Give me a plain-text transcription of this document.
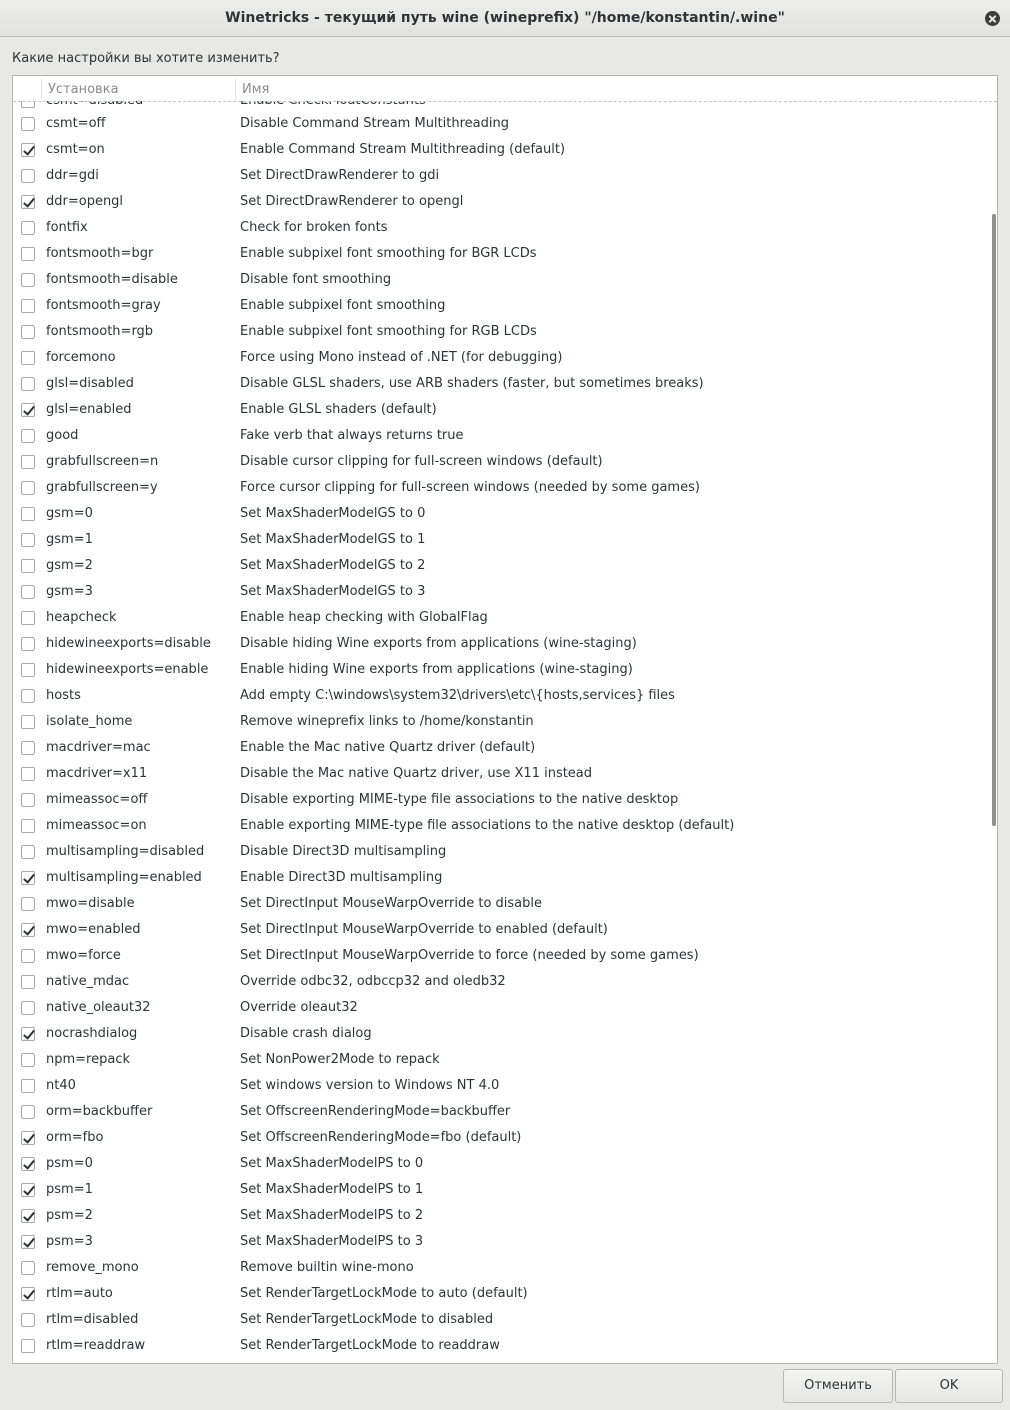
Winetricks - текущий путь wine (wineprefix) "/home/konstantin/.wine"
Какие настройки вы хотите изменить?
csmt=off	Disable Command Stream Multithreading
csmt=on	Enable Command Stream Multithreading (default)
ddr=gdi	Set DirectDrawRenderer to gdi
ddr=opengl	Set DirectDrawRenderer to opengl
fontfix	Check for broken fonts
fontsmooth=bgr	Enable subpixel font smoothing for BGR LCDs
fontsmooth=disable	Disable font smoothing
fontsmooth=gray	Enable subpixel font smoothing
fontsmooth=rgb	Enable subpixel font smoothing for RGB LCDs
forcemono	Force using Mono instead of .NET (for debugging)
glsl=disabled	Disable GLSL shaders, use ARB shaders (faster, but sometimes breaks)
glsl=enabled	Enable GLSL shaders (default)
good	Fake verb that always returns true
grabfullscreen=n	Disable cursor clipping for full-screen windows (default)
grabfullscreen=y	Force cursor clipping for full-screen windows (needed by some games)
gsm=0	Set MaxShaderModelGS to 0
gsm=1	Set MaxShaderModelGS to 1
gsm=2	Set MaxShaderModelGS to 2
gsm=3	Set MaxShaderModelGS to 3
heapcheck	Enable heap checking with GlobalFlag
hidewineexports=disable Disable hiding Wine exports from applications (wine-staging)
hidewineexports=enable Enable hiding Wine exports from applications (wine-staging)
hosts	Add empty C:\windows\system32\drivers\etc\{hosts,services} files
isolate_home	Remove wineprefix links to /home/konstantin
macdriver=mac	Enable the Mac native Quartz driver (default)
macdriver=x11	Disable the Mac native Quartz driver, use X11 instead
mimeassoc=off	Disable exporting MIME-type file associations to the native desktop
mimeassoc=on	Enable exporting MIME-type file associations to the native desktop (default)
multisampling=disabled	Disable Direct3D multisampling
multisampling=enabled	Enable Direct3D multisampling
mwo=disable	Set DirectInput MouseWarpOverride to disable
mwo=enabled	Set DirectInput MouseWarpOverride to enabled (default)
mwo=force	Set DirectInput MouseWarpOverride to force (needed by some games)
native_mdac	Override odbc32, odbccp32 and oledb32
native_oleaut32	Override oleaut32
nocrashdialog	Disable crash dialog
npm=repack	Set NonPower2Mode to repack
nt40	Set windows version to Windows NT 4.0
orm=backbuffer	Set OffscreenRenderingMode=backbuffer
orm=fbo	Set OffscreenRenderingMode=fbo (default)
psm=0	Set MaxShaderModelPS to 0
psm=1	Set MaxShaderModelPS to 1
psm=2	Set MaxShaderModelPS to 2
psm=3	Set MaxShaderModelPS to 3
remove_mono	Remove builtin wine-mono
rtlm=auto	Set RenderTargetLockMode to auto (default)
rtlm=disabled	Set RenderTargetLockMode to disabled
rtlm=readdraw	Set RenderTargetLockMode to readdraw
Установка	Имя
Отменить	OK
